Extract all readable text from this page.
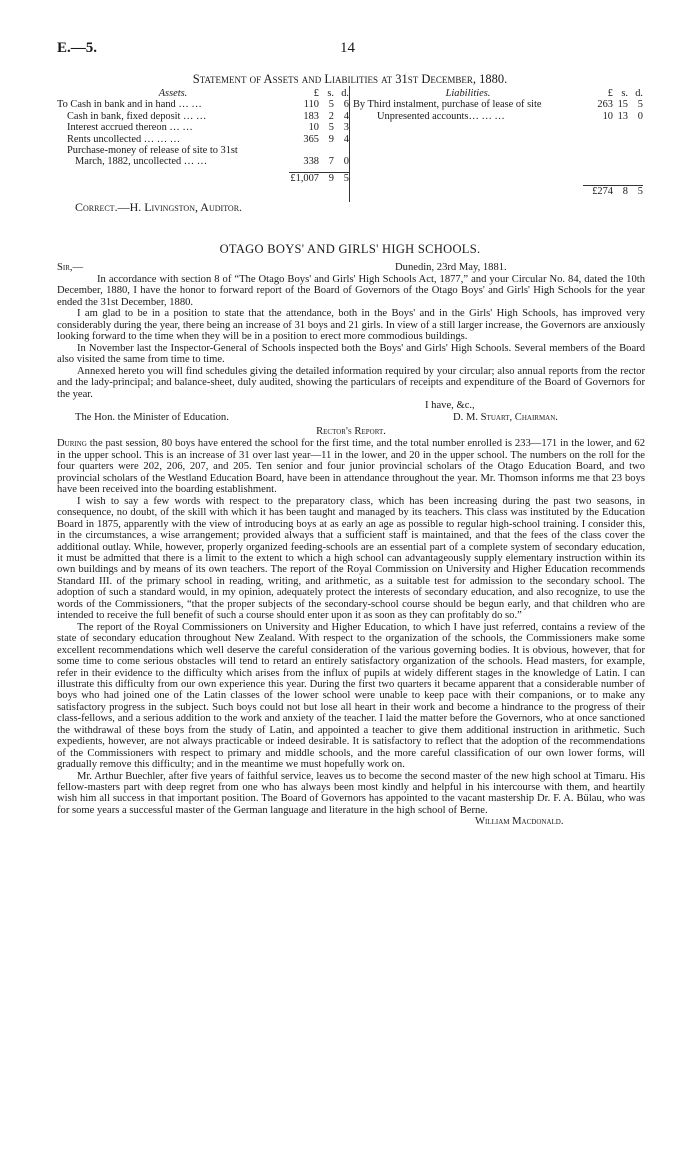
E.—5.	14
Statement of Assets and Liabilities at 31st December, 1880.
Assets.	£	s.	d.
To Cash in bank and in hand … …	110	5	6
Cash in bank, fixed deposit … …	183	2	4
Interest accrued thereon … …	10	5	3
Rents uncollected … … …	365	9	4
Purchase-money of release of site to 31st			
March, 1882, uncollected … …	338	7	0

	£1,007	9	5
Liabilities.	£	s.	d.
By Third instalment, purchase of lease of site	263	15	5
Unpresented accounts… … …	10	13	0

	£274	8	5
Correct.—H. Livingston, Auditor.
OTAGO BOYS' AND GIRLS' HIGH SCHOOLS.
Sir,—	Dunedin, 23rd May, 1881.

In accordance with section 8 of “The Otago Boys' and Girls' High Schools Act, 1877,” and your Circular No. 84, dated the 10th December, 1880, I have the honor to forward report of the Board of Governors of the Otago Boys' and Girls' High Schools for the year ended the 31st December, 1880.

I am glad to be in a position to state that the attendance, both in the Boys' and in the Girls' High Schools, has improved very considerably during the year, there being an increase of 31 boys and 21 girls. In view of a still larger increase, the Governors are anxiously looking forward to the time when they will be in a position to erect more commodious buildings.

In November last the Inspector-General of Schools inspected both the Boys' and Girls' High Schools. Several members of the Board also visited the same from time to time.

Annexed hereto you will find schedules giving the detailed information required by your circular; also annual reports from the rector and the lady-principal; and balance-sheet, duly audited, showing the particulars of receipts and expenditure of the Board of Governors for the year.

I have, &c.,
The Hon. the Minister of Education.	D. M. Stuart, Chairman.
Rector's Report.

During the past session, 80 boys have entered the school for the first time, and the total number enrolled is 233—171 in the lower, and 62 in the upper school. This is an increase of 31 over last year—11 in the lower, and 20 in the upper school. The numbers on the roll for the four quarters were 202, 206, 207, and 205. Ten senior and four junior provincial scholars of the Otago Education Board, and two provincial scholars of the Westland Education Board, have been in attendance throughout the year. Mr. Thomson informs me that 23 boys have been received into the boarding establishment.

I wish to say a few words with respect to the preparatory class, which has been increasing during the past two seasons, in consequence, no doubt, of the skill with which it has been taught and managed by its teachers. This class was instituted by the Education Board in 1875, apparently with the view of introducing boys at as early an age as possible to regular high-school training. I consider this, in the circumstances, a wise arrangement; provided always that a sufficient staff is maintained, and that the fees of the class cover the additional outlay. While, however, properly organized feeding-schools are an essential part of a complete system of secondary education, it must be admitted that there is a limit to the extent to which a high school can advantageously supply elementary instruction within its own buildings and by means of its own teachers. The report of the Royal Commission on University and Higher Education recommends Standard III. of the primary school in reading, writing, and arithmetic, as a suitable test for admission to the secondary school. The adoption of such a standard would, in my opinion, adequately protect the interests of secondary education, and also recognize, to use the words of the Commissioners, “that the proper subjects of the secondary-school course should be begun early, and that children who are intended to receive the full benefit of such a course should enter upon it as soon as they can profitably do so.”

The report of the Royal Commissioners on University and Higher Education, to which I have just referred, contains a review of the state of secondary education throughout New Zealand. With respect to the organization of the schools, the Commissioners make some excellent recommendations which well deserve the careful consideration of the various governing bodies. It is obvious, however, that for some time to come serious obstacles will tend to retard an entirely satisfactory organization of the schools. Head masters, for example, refer in their evidence to the difficulty which arises from the influx of pupils at widely different stages in the knowledge of Latin. I can illustrate this difficulty from our own experience this year. During the first two quarters it became apparent that a considerable number of boys who had joined one of the Latin classes of the lower school were unable to keep pace with their companions, or to make any satisfactory progress in the subject. Such boys could not but lose all heart in their work and become a hindrance to the progress of their class-fellows, and a serious addition to the work and anxiety of the teacher. I laid the matter before the Governors, who at once sanctioned the withdrawal of these boys from the study of Latin, and appointed a teacher to give them additional instruction in arithmetic. Such expedients, however, are not always practicable or indeed desirable. It is satisfactory to reflect that the adoption of the recommendations of the Commissioners with respect to primary and middle schools, and the more careful classification of our own lower forms, will gradually remove this difficulty; and in the meantime we must hopefully work on.

Mr. Arthur Buechler, after five years of faithful service, leaves us to become the second master of the new high school at Timaru. His fellow-masters part with deep regret from one who has always been most kindly and helpful in his intercourse with them, and heartily wish him all success in that important position. The Board of Governors has appointed to the vacant mastership Dr. F. A. Bülau, who was for some years a successful master of the German language and literature in the high school of Berne.

William Macdonald.
